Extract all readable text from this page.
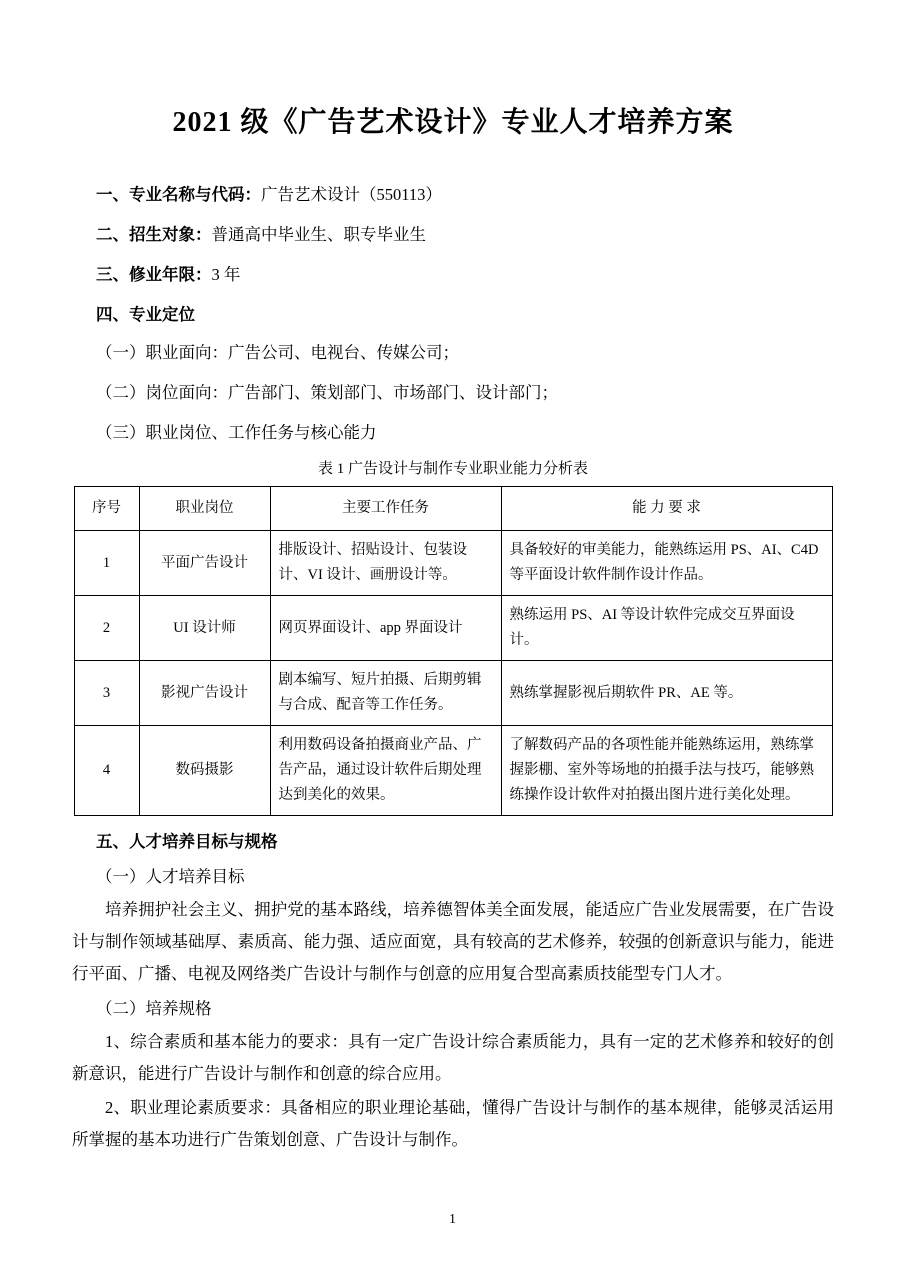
2021 级《广告艺术设计》专业人才培养方案
一、专业名称与代码：广告艺术设计（550113）
二、招生对象：普通高中毕业生、职专毕业生
三、修业年限：3 年
四、专业定位
（一）职业面向：广告公司、电视台、传媒公司；
（二）岗位面向：广告部门、策划部门、市场部门、设计部门；
（三）职业岗位、工作任务与核心能力
表 1 广告设计与制作专业职业能力分析表
序号	职业岗位	主要工作任务	能 力 要 求
1	平面广告设计	排版设计、招贴设计、包装设计、VI 设计、画册设计等。	具备较好的审美能力，能熟练运用 PS、AI、C4D 等平面设计软件制作设计作品。
2	UI 设计师	网页界面设计、app 界面设计	熟练运用 PS、AI 等设计软件完成交互界面设计。
3	影视广告设计	剧本编写、短片拍摄、后期剪辑与合成、配音等工作任务。	熟练掌握影视后期软件 PR、AE 等。
4	数码摄影	利用数码设备拍摄商业产品、广告产品，通过设计软件后期处理达到美化的效果。	了解数码产品的各项性能并能熟练运用，熟练掌握影棚、室外等场地的拍摄手法与技巧，能够熟练操作设计软件对拍摄出图片进行美化处理。
五、人才培养目标与规格
（一）人才培养目标
培养拥护社会主义、拥护党的基本路线，培养德智体美全面发展，能适应广告业发展需要，在广告设计与制作领域基础厚、素质高、能力强、适应面宽，具有较高的艺术修养，较强的创新意识与能力，能进行平面、广播、电视及网络类广告设计与制作与创意的应用复合型高素质技能型专门人才。
（二）培养规格
1、综合素质和基本能力的要求：具有一定广告设计综合素质能力，具有一定的艺术修养和较好的创新意识，能进行广告设计与制作和创意的综合应用。
2、职业理论素质要求：具备相应的职业理论基础，懂得广告设计与制作的基本规律，能够灵活运用所掌握的基本功进行广告策划创意、广告设计与制作。
1
